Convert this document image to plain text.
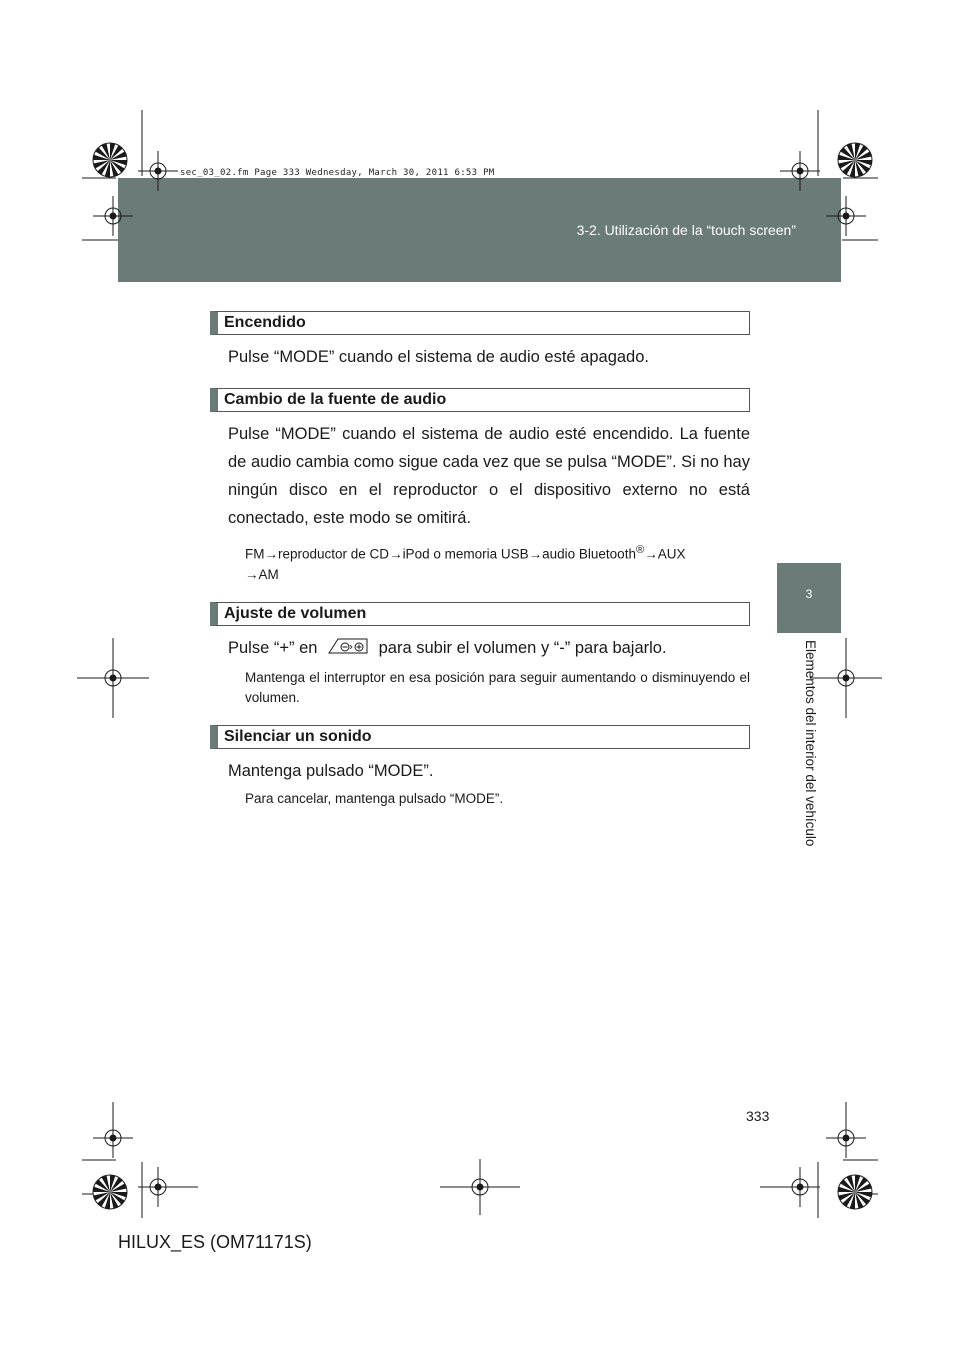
sec_03_02.fm Page 333 Wednesday, March 30, 2011 6:53 PM
3-2. Utilización de la “touch screen”
3
Elementos del interior del vehículo
Encendido

Pulse “MODE” cuando el sistema de audio esté apagado.

Cambio de la fuente de audio

Pulse “MODE” cuando el sistema de audio esté encendido. La fuente de audio cambia como sigue cada vez que se pulsa “MODE”. Si no hay ningún disco en el reproductor o el dispositivo externo no está conectado, este modo se omitirá.

FM→reproductor de CD→iPod o memoria USB→audio Bluetooth®→AUX
→AM

Ajuste de volumen

Pulse “+” en	para subir el volumen y “-” para bajarlo.

Mantenga el interruptor en esa posición para seguir aumentando o disminuyendo el volumen.

Silenciar un sonido

Mantenga pulsado “MODE”.

Para cancelar, mantenga pulsado “MODE”.

333
HILUX_ES (OM71171S)
